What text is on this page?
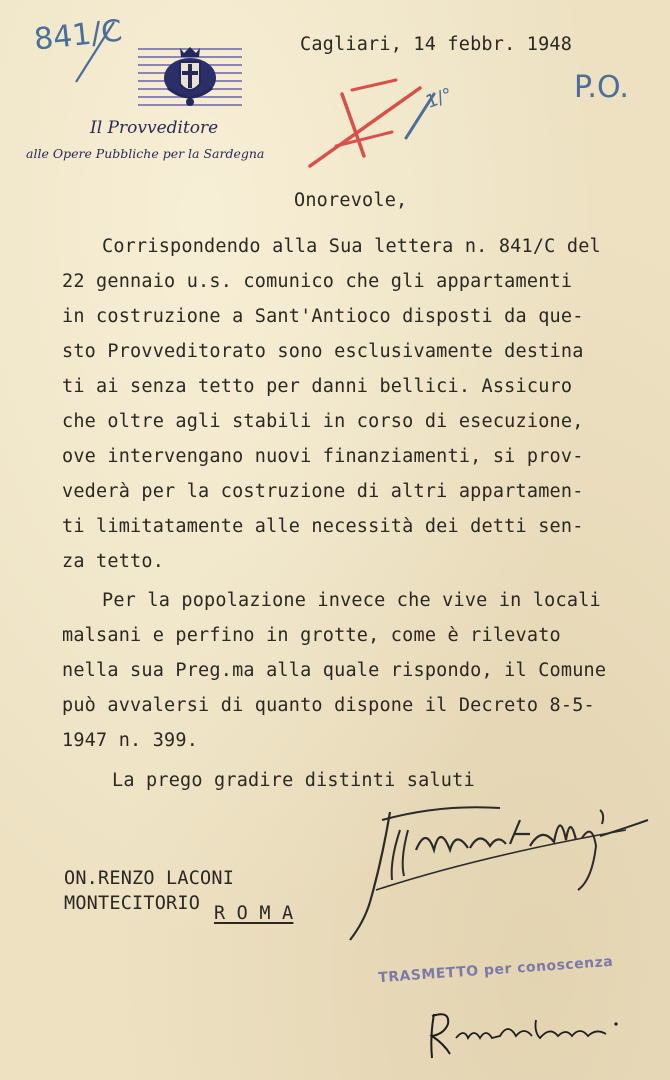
841/C
Il Provveditore
alle Opere Pubbliche per la Sardegna
Cagliari, 14 febbr. 1948
P.O.
1/°
Onorevole,
Corrispondendo alla Sua lettera n. 841/C del
22 gennaio u.s. comunico che gli appartamenti
in costruzione a Sant'Antioco disposti da que-
sto Provveditorato sono esclusivamente destina
ti ai senza tetto per danni bellici. Assicuro
che oltre agli stabili in corso di esecuzione,
ove intervengano nuovi finanziamenti, si prov-
vederà per la costruzione di altri appartamen-
ti limitatamente alle necessità dei detti sen-
za tetto.
Per la popolazione invece che vive in locali
malsani e perfino in grotte, come è rilevato
nella sua Preg.ma alla quale rispondo, il Comune
può avvalersi di quanto dispone il Decreto 8-5-
1947 n. 399.
La prego gradire distinti saluti
ON.RENZO LACONI
MONTECITORIO R O M A
TRASMETTO per conoscenza
